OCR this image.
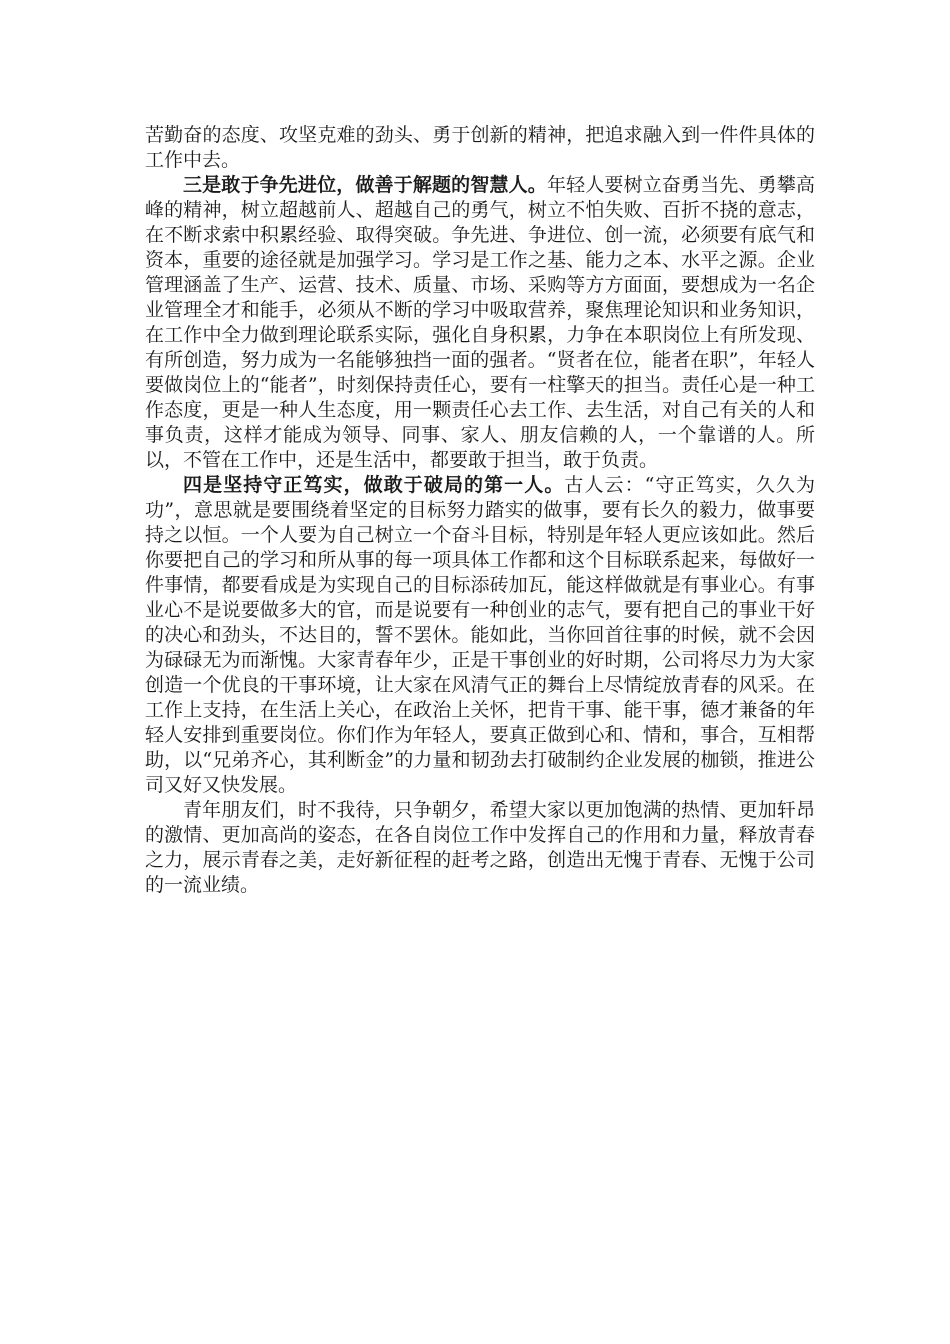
苦勤奋的态度、攻坚克难的劲头、勇于创新的精神，把追求融入到一件件具体的工作中去。

三是敢于争先进位，做善于解题的智慧人。年轻人要树立奋勇当先、勇攀高峰的精神，树立超越前人、超越自己的勇气，树立不怕失败、百折不挠的意志，在不断求索中积累经验、取得突破。争先进、争进位、创一流，必须要有底气和资本，重要的途径就是加强学习。学习是工作之基、能力之本、水平之源。企业管理涵盖了生产、运营、技术、质量、市场、采购等方方面面，要想成为一名企业管理全才和能手，必须从不断的学习中吸取营养，聚焦理论知识和业务知识，在工作中全力做到理论联系实际，强化自身积累，力争在本职岗位上有所发现、有所创造，努力成为一名能够独挡一面的强者。“贤者在位，能者在职”，年轻人要做岗位上的“能者”，时刻保持责任心，要有一柱擎天的担当。责任心是一种工作态度，更是一种人生态度，用一颗责任心去工作、去生活，对自己有关的人和事负责，这样才能成为领导、同事、家人、朋友信赖的人，一个靠谱的人。所以，不管在工作中，还是生活中，都要敢于担当，敢于负责。

四是坚持守正笃实，做敢于破局的第一人。古人云：“守正笃实，久久为功”，意思就是要围绕着坚定的目标努力踏实的做事，要有长久的毅力，做事要持之以恒。一个人要为自己树立一个奋斗目标，特别是年轻人更应该如此。然后你要把自己的学习和所从事的每一项具体工作都和这个目标联系起来，每做好一件事情，都要看成是为实现自己的目标添砖加瓦，能这样做就是有事业心。有事业心不是说要做多大的官，而是说要有一种创业的志气，要有把自己的事业干好的决心和劲头，不达目的，誓不罢休。能如此，当你回首往事的时候，就不会因为碌碌无为而渐愧。大家青春年少，正是干事创业的好时期，公司将尽力为大家创造一个优良的干事环境，让大家在风清气正的舞台上尽情绽放青春的风采。在工作上支持，在生活上关心，在政治上关怀，把肯干事、能干事，德才兼备的年轻人安排到重要岗位。你们作为年轻人，要真正做到心和、情和，事合，互相帮助，以“兄弟齐心，其利断金”的力量和韧劲去打破制约企业发展的枷锁，推进公司又好又快发展。

青年朋友们，时不我待，只争朝夕，希望大家以更加饱满的热情、更加轩昂的激情、更加高尚的姿态，在各自岗位工作中发挥自己的作用和力量，释放青春之力，展示青春之美，走好新征程的赶考之路，创造出无愧于青春、无愧于公司的一流业绩。
